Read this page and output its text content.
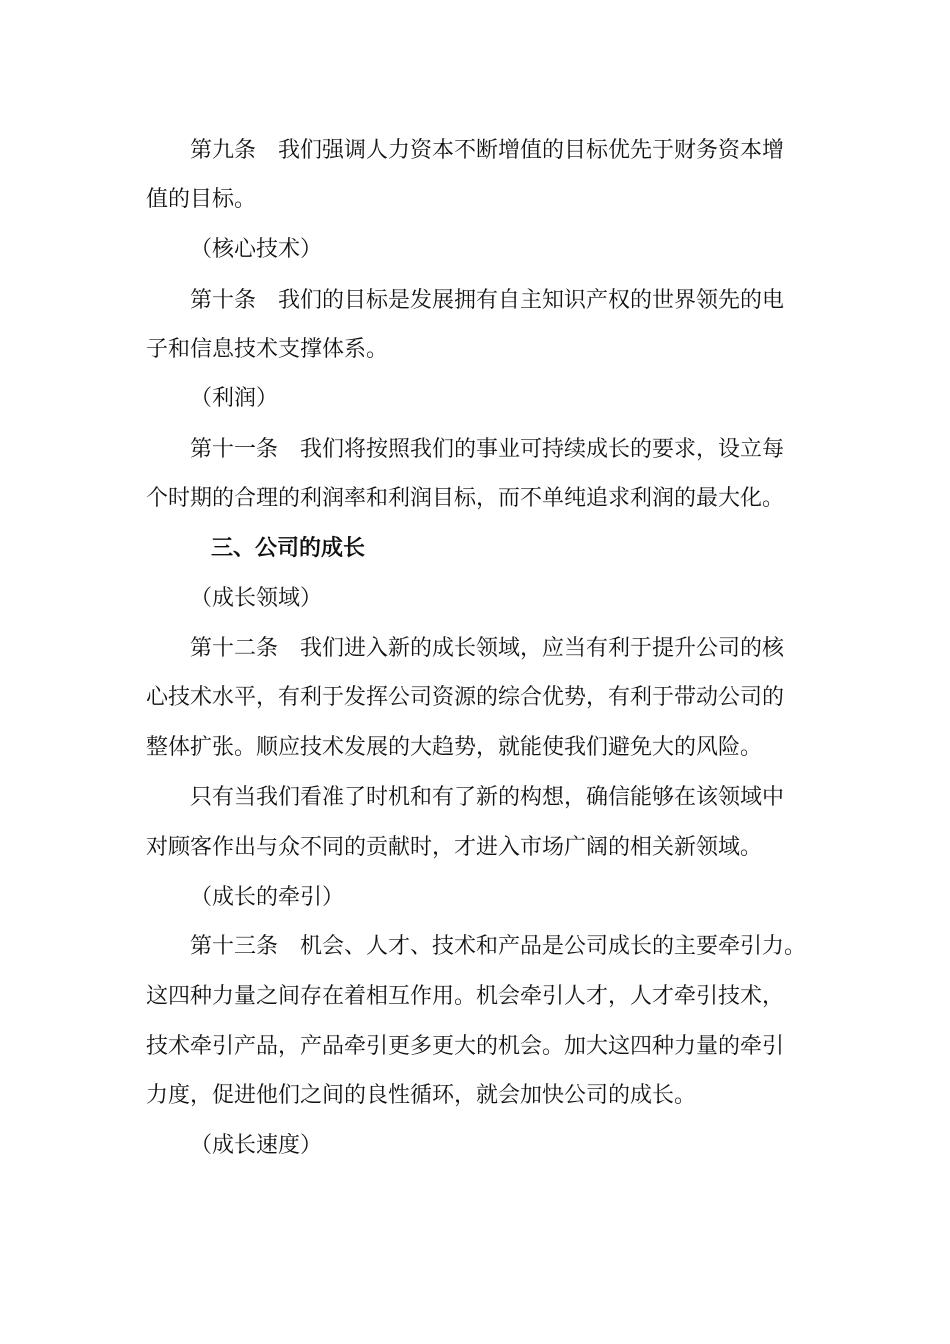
第九条　我们强调人力资本不断增值的目标优先于财务资本增
值的目标。
（核心技术）
第十条　我们的目标是发展拥有自主知识产权的世界领先的电
子和信息技术支撑体系。
（利润）
第十一条　我们将按照我们的事业可持续成长的要求，设立每
个时期的合理的利润率和利润目标，而不单纯追求利润的最大化。
三、公司的成长
（成长领域）
第十二条　我们进入新的成长领域，应当有利于提升公司的核
心技术水平，有利于发挥公司资源的综合优势，有利于带动公司的
整体扩张。顺应技术发展的大趋势，就能使我们避免大的风险。
只有当我们看准了时机和有了新的构想，确信能够在该领域中
对顾客作出与众不同的贡献时，才进入市场广阔的相关新领域。
（成长的牵引）
第十三条　机会、人才、技术和产品是公司成长的主要牵引力。
这四种力量之间存在着相互作用。机会牵引人才，人才牵引技术，
技术牵引产品，产品牵引更多更大的机会。加大这四种力量的牵引
力度，促进他们之间的良性循环，就会加快公司的成长。
（成长速度）
